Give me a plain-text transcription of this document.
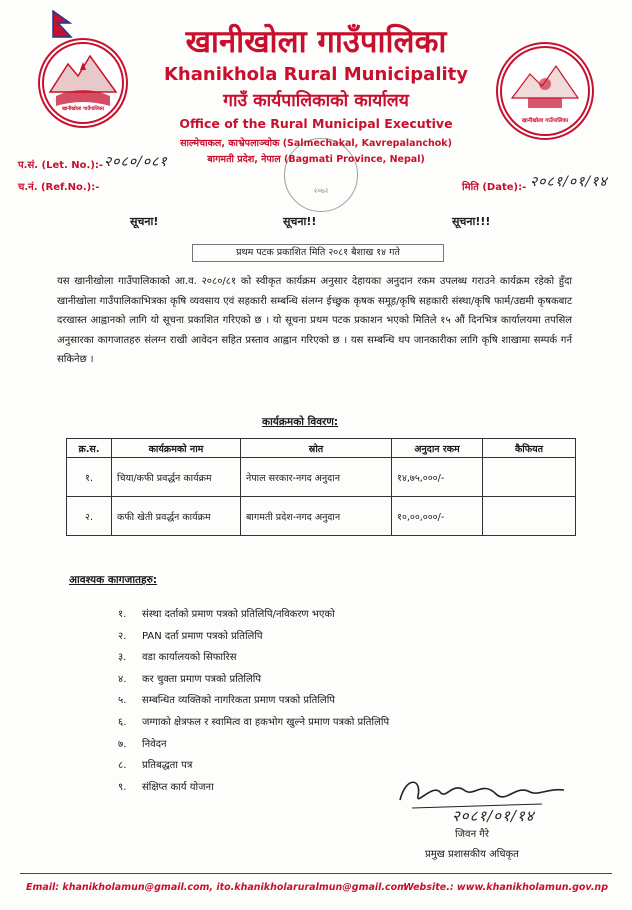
खानीखोला गाउँपालिका
खानीखोला गाउँपालिका
खानीखोला गाउँपालिका
Khanikhola Rural Municipality
गाउँ कार्यपालिकाको कार्यालय
Office of the Rural Municipal Executive
साल्मेचाकल, काभ्रेपलाञ्चोक (Salmechakal, Kavrepalanchok)
बागमती प्रदेश, नेपाल (Bagmati Province, Nepal)
२०७२
प.सं. (Let. No.):- २०८०/०८१
च.नं. (Ref.No.):-	मिति (Date):- २०८१/०१/१४
सूचना!	सूचना!!	सूचना!!!
प्रथम पटक प्रकाशित मिति २०८१ बैशाख १४ गते
यस खानीखोला गाउँपालिकाको आ.व. २०८०/८१ को स्वीकृत कार्यक्रम अनुसार देहायका अनुदान रकम उपलब्ध गराउने कार्यक्रम रहेको हुँदा खानीखोला गाउँपालिकाभित्रका कृषि व्यवसाय एवं सहकारी सम्बन्धि संलग्न ईच्छुक कृषक समूह/कृषि सहकारी संस्था/कृषि फार्म/उद्यमी कृषकबाट दरखास्त आह्वानको लागि यो सूचना प्रकाशित गरिएको छ । यो सूचना प्रथम पटक प्रकाशन भएको मितिले १५ औं दिनभित्र कार्यालयमा तपसिल अनुसारका कागजातहरु संलग्न राखी आवेदन सहित प्रस्ताव आह्वान गरिएको छ । यस सम्बन्धि थप जानकारीका लागि कृषि शाखामा सम्पर्क गर्न सकिनेछ ।
कार्यक्रमको विवरण:
क्र.स.	कार्यक्रमको नाम	स्रोत	अनुदान रकम	कैफियत
१.	चिया/कफी प्रवर्द्धन कार्यक्रम	नेपाल सरकार-नगद अनुदान	१४,७५,०००/-	
२.	कफी खेती प्रवर्द्धन कार्यक्रम	बागमती प्रदेश-नगद अनुदान	१०,००,०००/-	
आवश्यक कागजातहरु:
१. संस्था दर्ताको प्रमाण पत्रको प्रतिलिपि/नविकरण भएको
२. PAN दर्ता प्रमाण पत्रको प्रतिलिपि
३. वडा कार्यालयको सिफारिस
४. कर चुक्ता प्रमाण पत्रको प्रतिलिपि
५. सम्बन्धित व्यक्तिको नागरिकता प्रमाण पत्रको प्रतिलिपि
६. जग्गाको क्षेत्रफल र स्वामित्व वा हकभोग खुल्ने प्रमाण पत्रको प्रतिलिपि
७. निवेदन
८. प्रतिबद्धता पत्र
९. संक्षिप्त कार्य योजना
२०८१/०१/१४
जिवन गैरे
प्रमुख प्रशासकीय अधिकृत
Email: khanikholamun@gmail.com, ito.khanikholaruralmun@gmail.com
Website.: www.khanikholamun.gov.np
